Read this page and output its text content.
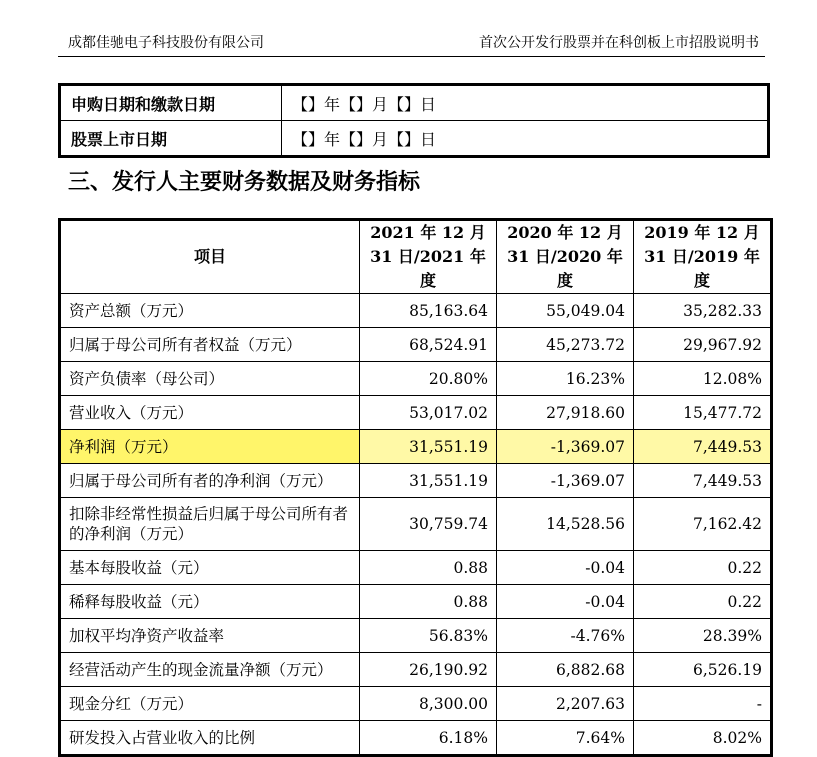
成都佳驰电子科技股份有限公司	首次公开发行股票并在科创板上市招股说明书
申购日期和缴款日期	【】年【】月【】日
股票上市日期	【】年【】月【】日
三、发行人主要财务数据及财务指标
项目	2021 年 12 月 31 日/2021 年度	2020 年 12 月 31 日/2020 年度	2019 年 12 月 31 日/2019 年度
资产总额（万元）	85,163.64	55,049.04	35,282.33
归属于母公司所有者权益（万元）	68,524.91	45,273.72	29,967.92
资产负债率（母公司）	20.80%	16.23%	12.08%
营业收入（万元）	53,017.02	27,918.60	15,477.72
净利润（万元）	31,551.19	-1,369.07	7,449.53
归属于母公司所有者的净利润（万元）	31,551.19	-1,369.07	7,449.53
扣除非经常性损益后归属于母公司所有者的净利润（万元）	30,759.74	14,528.56	7,162.42
基本每股收益（元）	0.88	-0.04	0.22
稀释每股收益（元）	0.88	-0.04	0.22
加权平均净资产收益率	56.83%	-4.76%	28.39%
经营活动产生的现金流量净额（万元）	26,190.92	6,882.68	6,526.19
现金分红（万元）	8,300.00	2,207.63	-
研发投入占营业收入的比例	6.18%	7.64%	8.02%
